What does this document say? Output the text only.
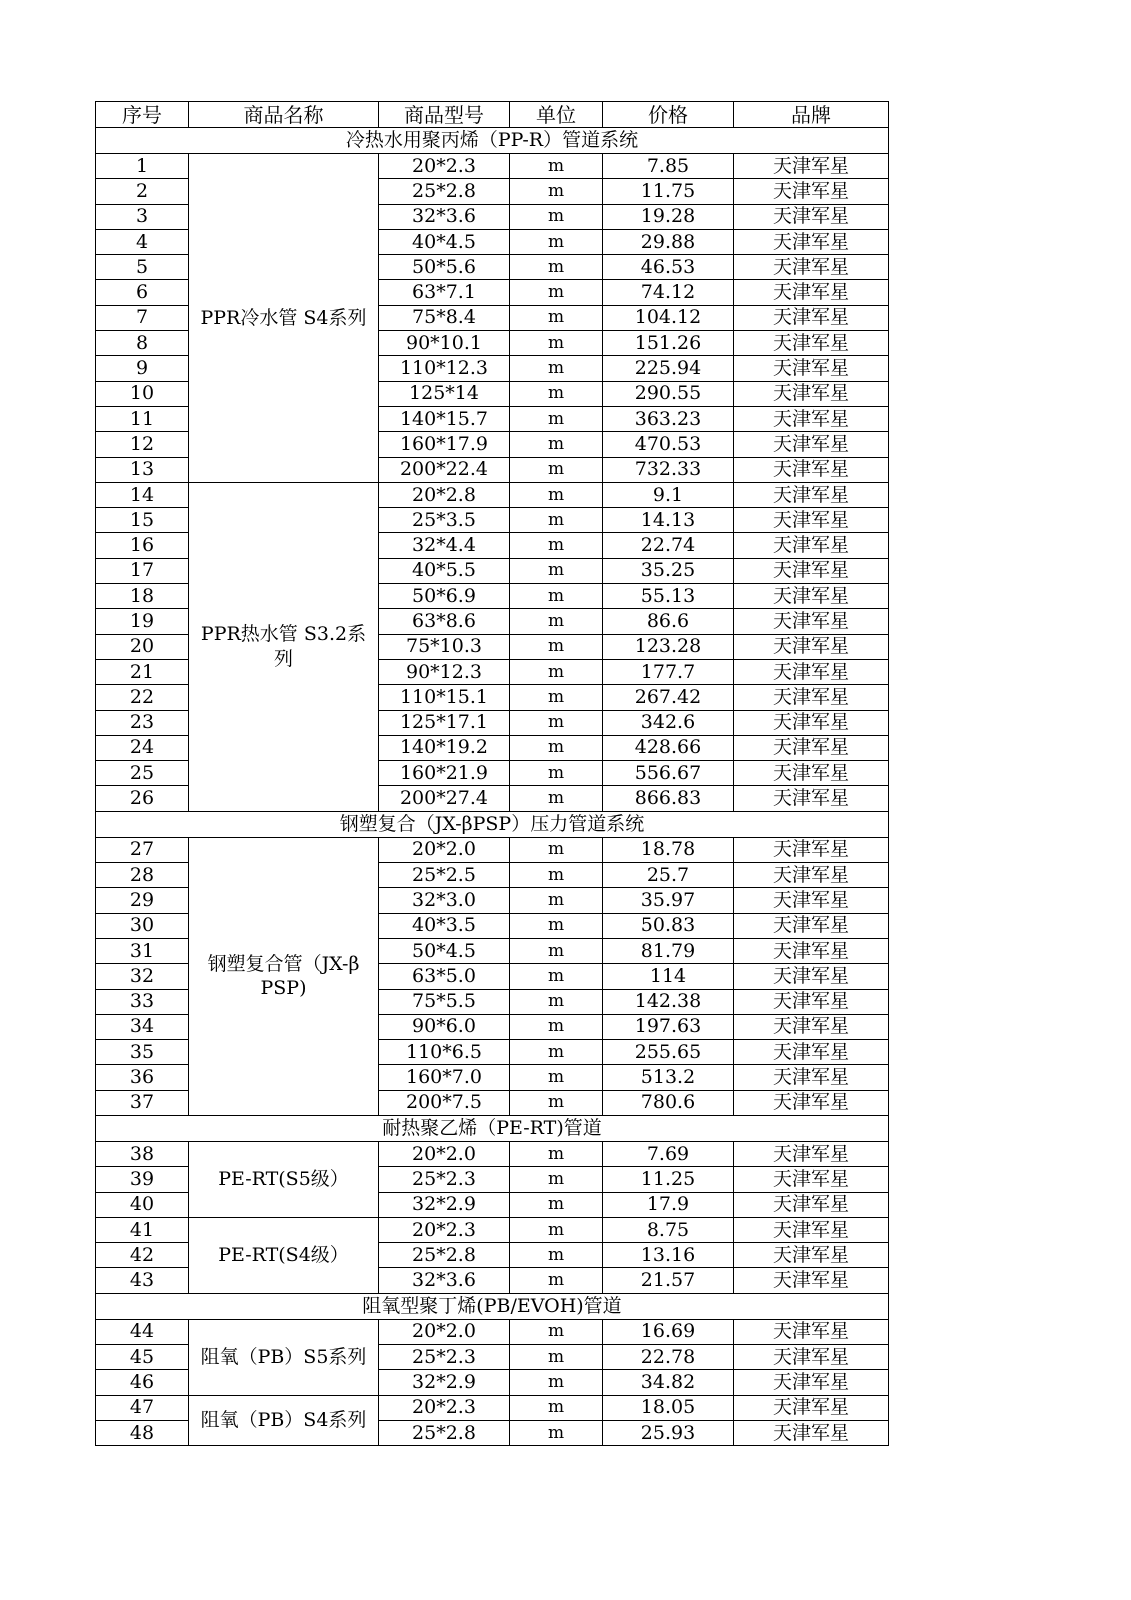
序号	商品名称	商品型号	单位	价格	品牌
冷热水用聚丙烯（PP-R）管道系统					
1	PPR冷水管 S4系列	20*2.3	m	7.85	天津军星
2		25*2.8	m	11.75	天津军星
3		32*3.6	m	19.28	天津军星
4		40*4.5	m	29.88	天津军星
5		50*5.6	m	46.53	天津军星
6		63*7.1	m	74.12	天津军星
7		75*8.4	m	104.12	天津军星
8		90*10.1	m	151.26	天津军星
9		110*12.3	m	225.94	天津军星
10		125*14	m	290.55	天津军星
11		140*15.7	m	363.23	天津军星
12		160*17.9	m	470.53	天津军星
13		200*22.4	m	732.33	天津军星
14	PPR热水管 S3.2系列	20*2.8	m	9.1	天津军星
15		25*3.5	m	14.13	天津军星
16		32*4.4	m	22.74	天津军星
17		40*5.5	m	35.25	天津军星
18		50*6.9	m	55.13	天津军星
19		63*8.6	m	86.6	天津军星
20		75*10.3	m	123.28	天津军星
21		90*12.3	m	177.7	天津军星
22		110*15.1	m	267.42	天津军星
23		125*17.1	m	342.6	天津军星
24		140*19.2	m	428.66	天津军星
25		160*21.9	m	556.67	天津军星
26		200*27.4	m	866.83	天津军星
钢塑复合（JX-βPSP）压力管道系统					
27	钢塑复合管（JX-β PSP)	20*2.0	m	18.78	天津军星
28		25*2.5	m	25.7	天津军星
29		32*3.0	m	35.97	天津军星
30		40*3.5	m	50.83	天津军星
31		50*4.5	m	81.79	天津军星
32		63*5.0	m	114	天津军星
33		75*5.5	m	142.38	天津军星
34		90*6.0	m	197.63	天津军星
35		110*6.5	m	255.65	天津军星
36		160*7.0	m	513.2	天津军星
37		200*7.5	m	780.6	天津军星
耐热聚乙烯（PE-RT)管道					
38	PE-RT(S5级）	20*2.0	m	7.69	天津军星
39		25*2.3	m	11.25	天津军星
40		32*2.9	m	17.9	天津军星
41	PE-RT(S4级）	20*2.3	m	8.75	天津军星
42		25*2.8	m	13.16	天津军星
43		32*3.6	m	21.57	天津军星
阻氧型聚丁烯(PB/EVOH)管道					
44	阻氧（PB）S5系列	20*2.0	m	16.69	天津军星
45		25*2.3	m	22.78	天津军星
46		32*2.9	m	34.82	天津军星
47	阻氧（PB）S4系列	20*2.3	m	18.05	天津军星
48		25*2.8	m	25.93	天津军星
